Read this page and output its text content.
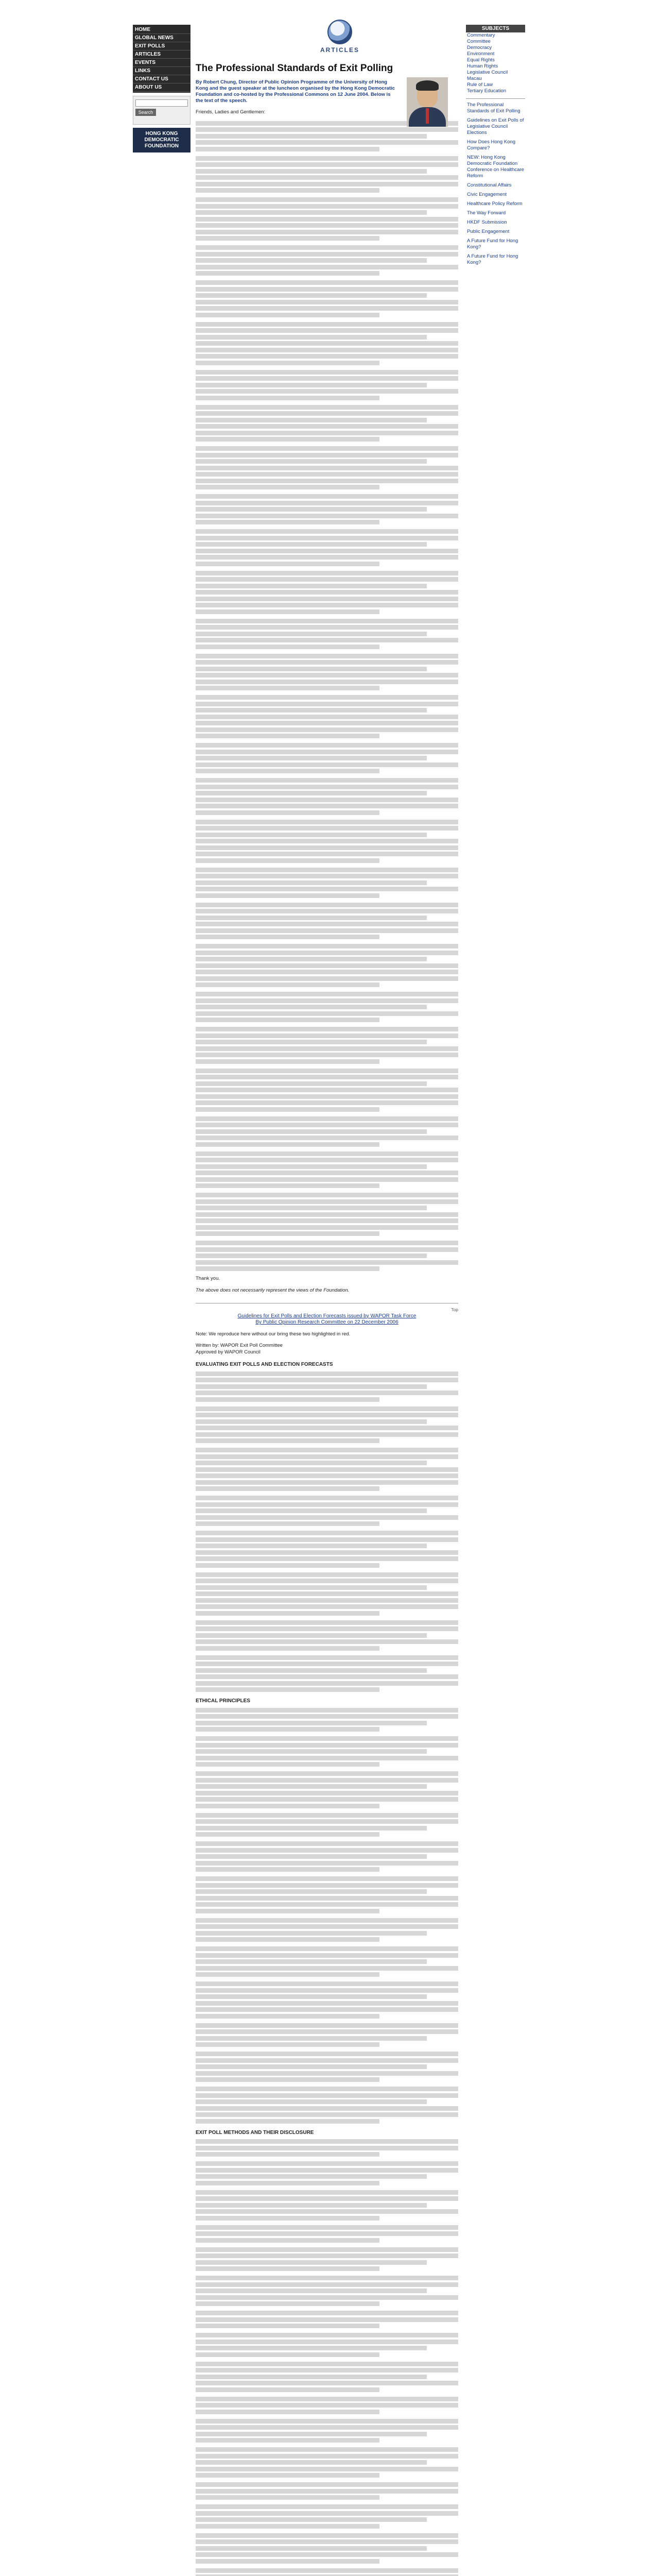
HOME
GLOBAL NEWS
EXIT POLLS
ARTICLES
EVENTS
LINKS
CONTACT US
ABOUT US
Search
HONG KONG DEMOCRATIC FOUNDATION
ARTICLES
SUBJECTS
Commentary
Committee
Democracy
Environment
Equal Rights
Human Rights
Legislative Council
Macau
Rule of Law
Tertiary Education
The Professional Standards of Exit Polling
Guidelines on Exit Polls of Legislative Council Elections
How Does Hong Kong Compare?
NEW: Hong Kong Democratic Foundation Conference on Healthcare Reform
Constitutional Affairs
Civic Engagement
Healthcare Policy Reform
The Way Forward
HKDF Submission
Public Engagement
A Future Fund for Hong Kong?
A Future Fund for Hong Kong?
The Professional Standards of Exit Polling

By Robert Chung, Director of Public Opinion Programme of the University of Hong Kong and the guest speaker at the luncheon organised by the Hong Kong Democratic Foundation and co-hosted by the Professional Commons on 12 June 2004. Below is the text of the speech.

Friends, Ladies and Gentlemen:

Thank you.

The above does not necessarily represent the views of the Foundation.

Top
Guidelines for Exit Polls and Election Forecasts issued by WAPOR Task Force
By Public Opinion Research Committee on 22 December 2006

Note: We reproduce here without our bring these two highlighted in red.

Written by: WAPOR Exit Poll Committee

Approved by WAPOR Council

EVALUATING EXIT POLLS AND ELECTION FORECASTS
ETHICAL PRINCIPLES
EXIT POLL METHODS AND THEIR DISCLOSURE
